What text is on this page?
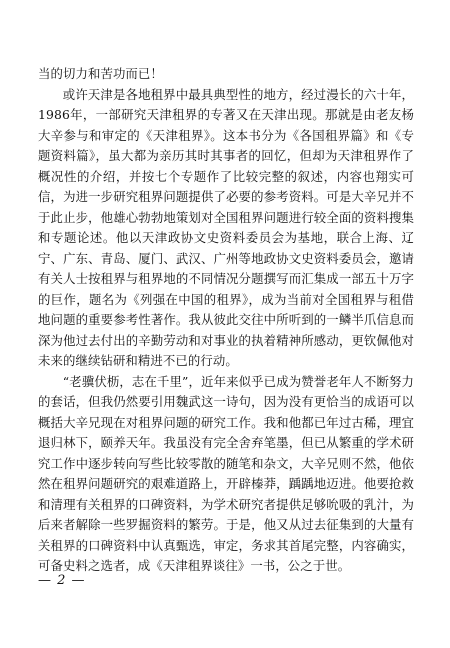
当的切力和苦功而已！

或许天津是各地租界中最具典型性的地方，经过漫长的六十年，1986年，一部研究天津租界的专著又在天津出现。那就是由老友杨大辛参与和审定的《天津租界》。这本书分为《各国租界篇》和《专题资料篇》，虽大都为亲历其时其事者的回忆，但却为天津租界作了概况性的介绍，并按七个专题作了比较完整的叙述，内容也翔实可信，为进一步研究租界问题提供了必要的参考资料。可是大辛兄并不于此止步，他雄心勃勃地策划对全国租界问题进行较全面的资料搜集和专题论述。他以天津政协文史资料委员会为基地，联合上海、辽宁、广东、青岛、厦门、武汉、广州等地政协文史资料委员会，邀请有关人士按租界与租界地的不同情况分题撰写而汇集成一部五十万字的巨作，题名为《列强在中国的租界》，成为当前对全国租界与租借地问题的重要参考性著作。我从彼此交往中所听到的一鳞半爪信息而深为他过去付出的辛勤劳动和对事业的执着精神所感动，更钦佩他对未来的继续钻研和精进不已的行动。

“老骥伏枥，志在千里”，近年来似乎已成为赞誉老年人不断努力的套话，但我仍然要引用魏武这一诗句，因为没有更恰当的成语可以概括大辛兄现在对租界问题的研究工作。我和他都已年过古稀，理宜退归林下，颐养天年。我虽没有完全舍弃笔墨，但已从繁重的学术研究工作中逐步转向写些比较零散的随笔和杂文，大辛兄则不然，他依然在租界问题研究的艰难道路上，开辟榛莽，踽踽地迈进。他要抢救和清理有关租界的口碑资料，为学术研究者提供足够吮吸的乳汁，为后来者解除一些罗掘资料的繁劳。于是，他又从过去征集到的大量有关租界的口碑资料中认真甄选，审定，务求其首尾完整，内容确实，可备史料之选者，成《天津租界谈往》一书，公之于世。

— 2 —
